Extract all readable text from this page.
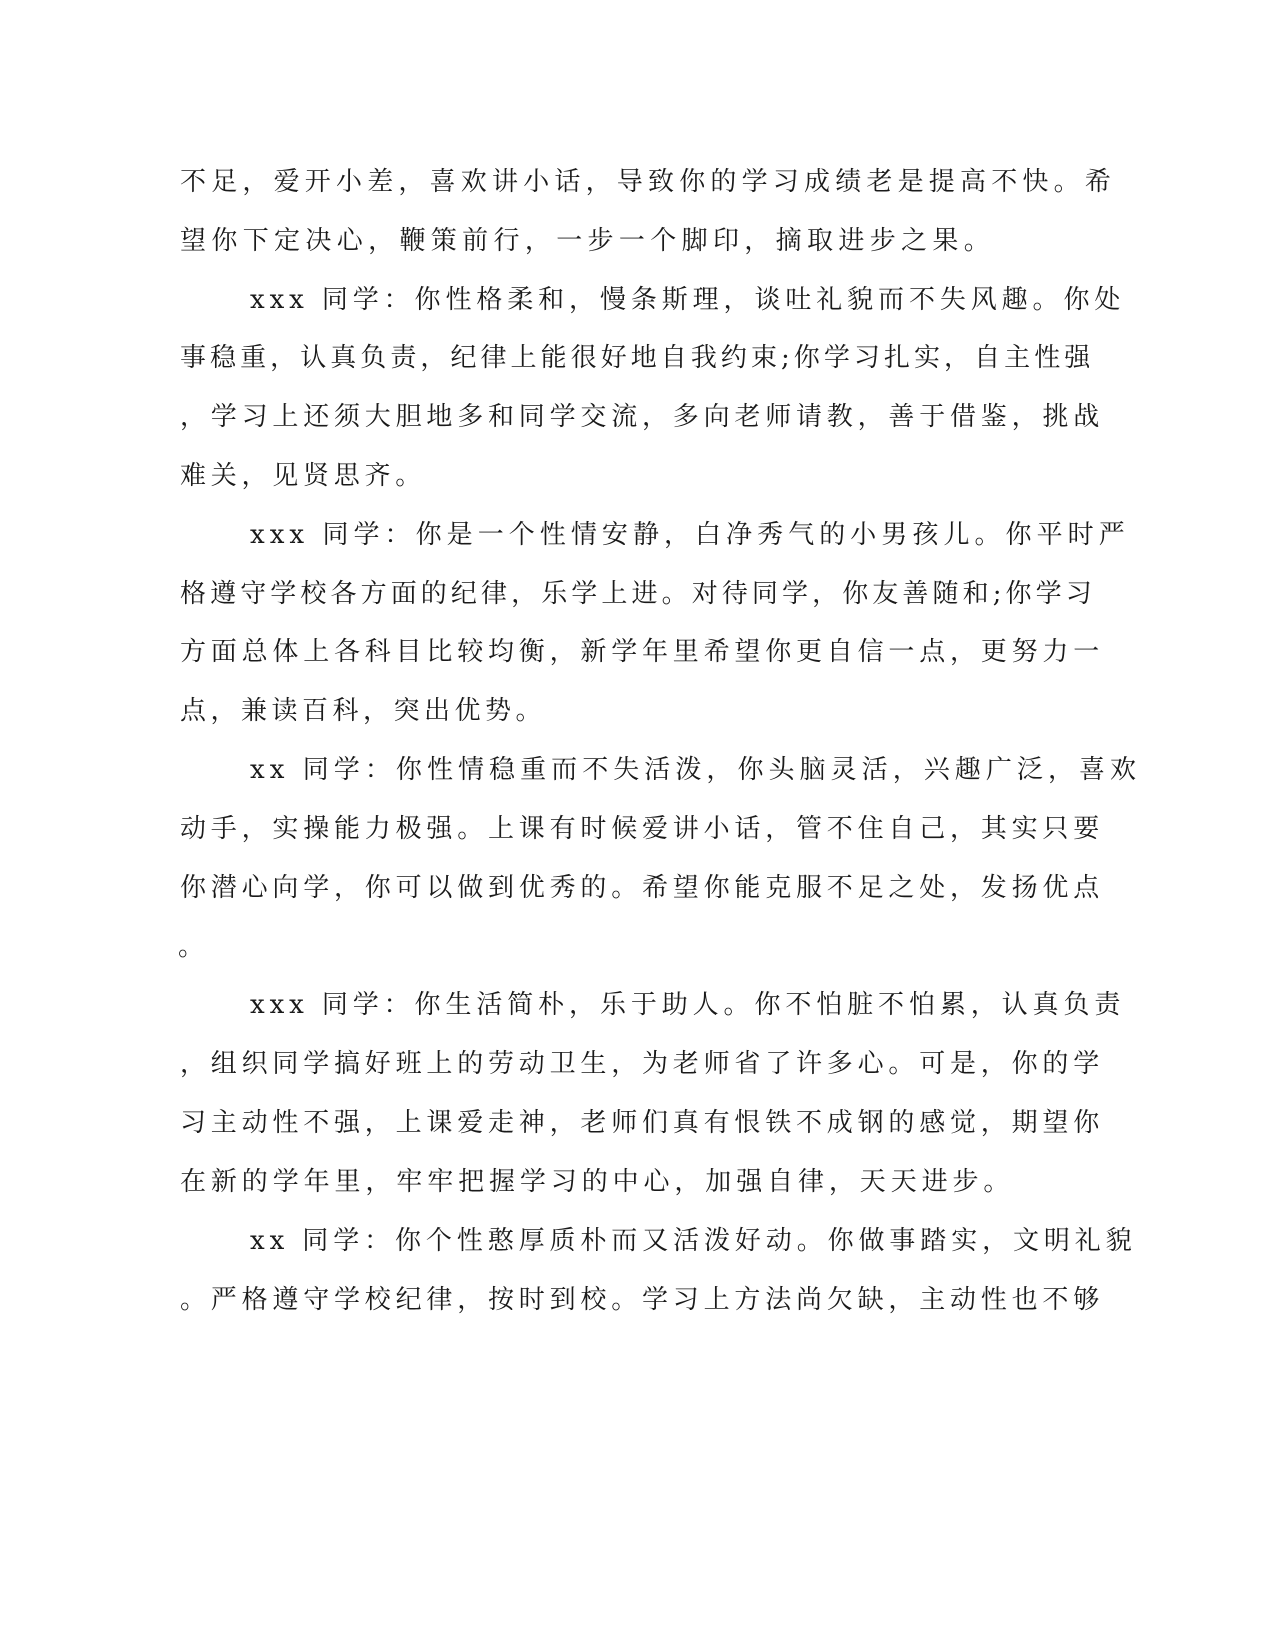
不足，爱开小差，喜欢讲小话，导致你的学习成绩老是提高不快。希
望你下定决心，鞭策前行，一步一个脚印，摘取进步之果。
xxx 同学：你性格柔和，慢条斯理，谈吐礼貌而不失风趣。你处
事稳重，认真负责，纪律上能很好地自我约束;你学习扎实，自主性强
，学习上还须大胆地多和同学交流，多向老师请教，善于借鉴，挑战
难关，见贤思齐。
xxx 同学：你是一个性情安静，白净秀气的小男孩儿。你平时严
格遵守学校各方面的纪律，乐学上进。对待同学，你友善随和;你学习
方面总体上各科目比较均衡，新学年里希望你更自信一点，更努力一
点，兼读百科，突出优势。
xx 同学：你性情稳重而不失活泼，你头脑灵活，兴趣广泛，喜欢
动手，实操能力极强。上课有时候爱讲小话，管不住自己，其实只要
你潜心向学，你可以做到优秀的。希望你能克服不足之处，发扬优点
。
xxx 同学：你生活简朴，乐于助人。你不怕脏不怕累，认真负责
，组织同学搞好班上的劳动卫生，为老师省了许多心。可是，你的学
习主动性不强，上课爱走神，老师们真有恨铁不成钢的感觉，期望你
在新的学年里，牢牢把握学习的中心，加强自律，天天进步。
xx 同学：你个性憨厚质朴而又活泼好动。你做事踏实，文明礼貌
。严格遵守学校纪律，按时到校。学习上方法尚欠缺，主动性也不够
